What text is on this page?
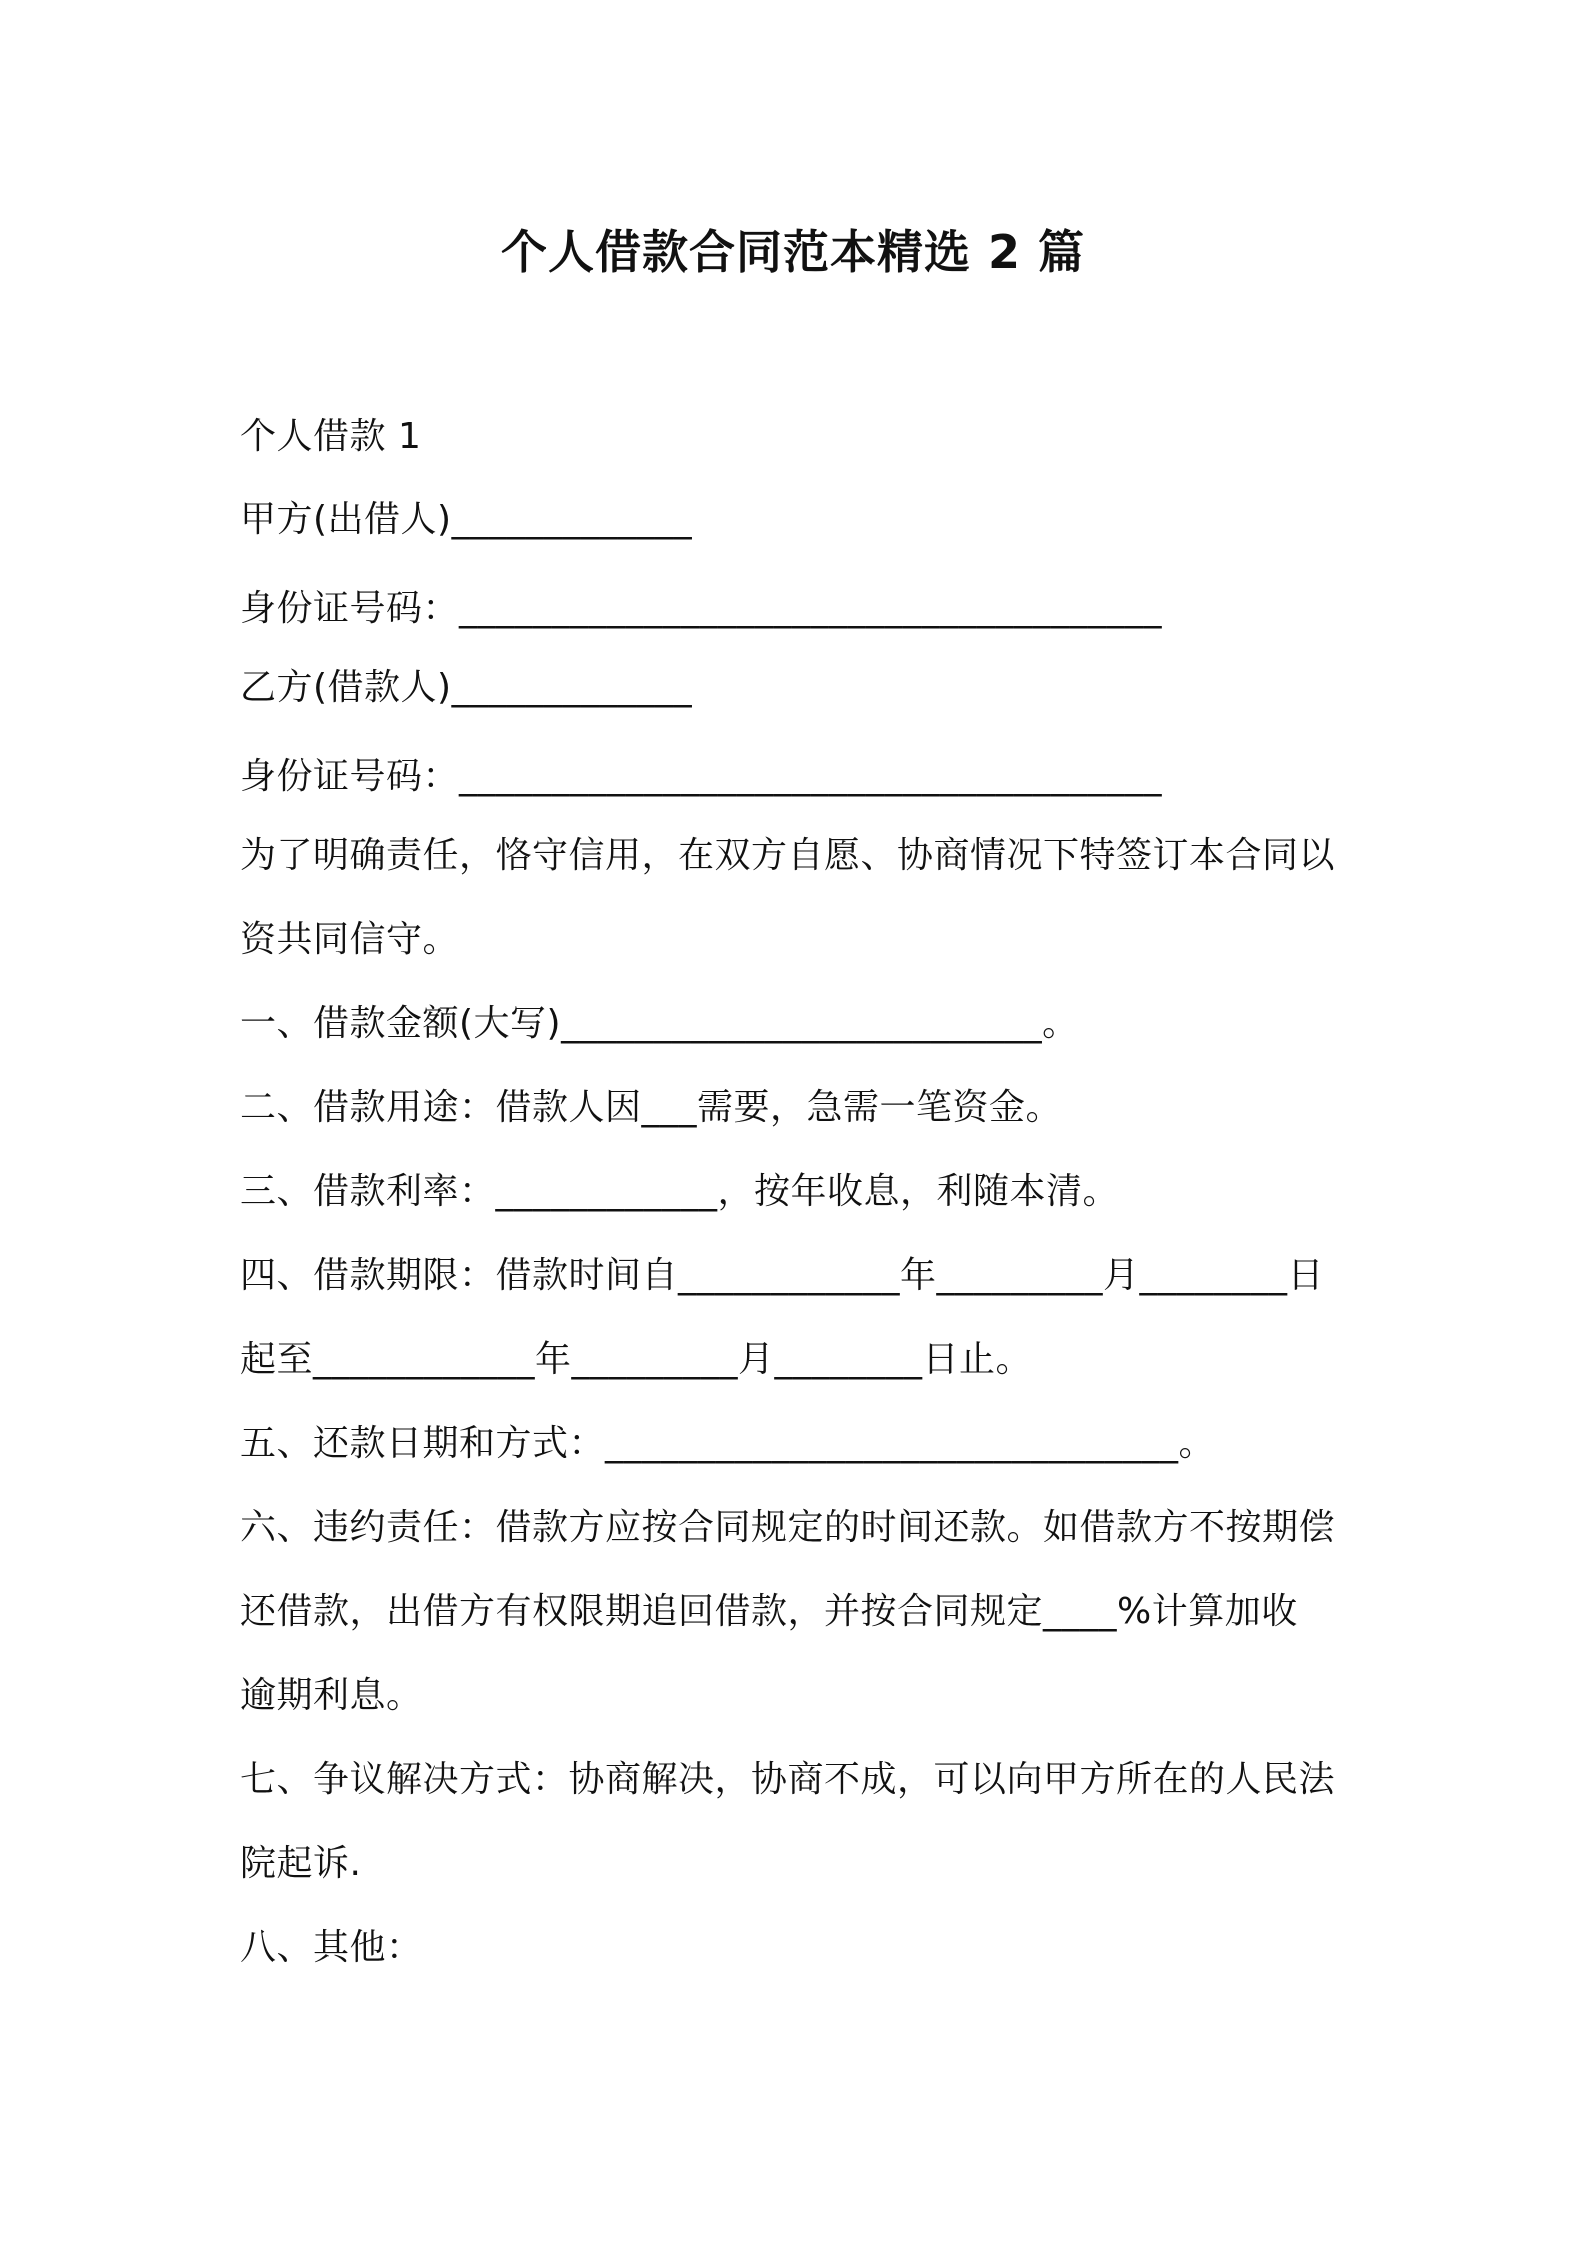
个人借款合同范本精选 2 篇
个人借款 1
甲方(出借人)_____________
身份证号码：______________________________________
乙方(借款人)_____________
身份证号码：______________________________________
为了明确责任，恪守信用，在双方自愿、协商情况下特签订本合同以
资共同信守。
一、借款金额(大写)__________________________。
二、借款用途：借款人因___需要，急需一笔资金。
三、借款利率：____________，按年收息，利随本清。
四、借款期限：借款时间自____________年_________月________日
起至____________年_________月________日止。
五、还款日期和方式：_______________________________。
六、违约责任：借款方应按合同规定的时间还款。如借款方不按期偿
还借款，出借方有权限期追回借款，并按合同规定____%计算加收
逾期利息。
七、争议解决方式：协商解决，协商不成，可以向甲方所在的人民法
院起诉.
八、其他：
